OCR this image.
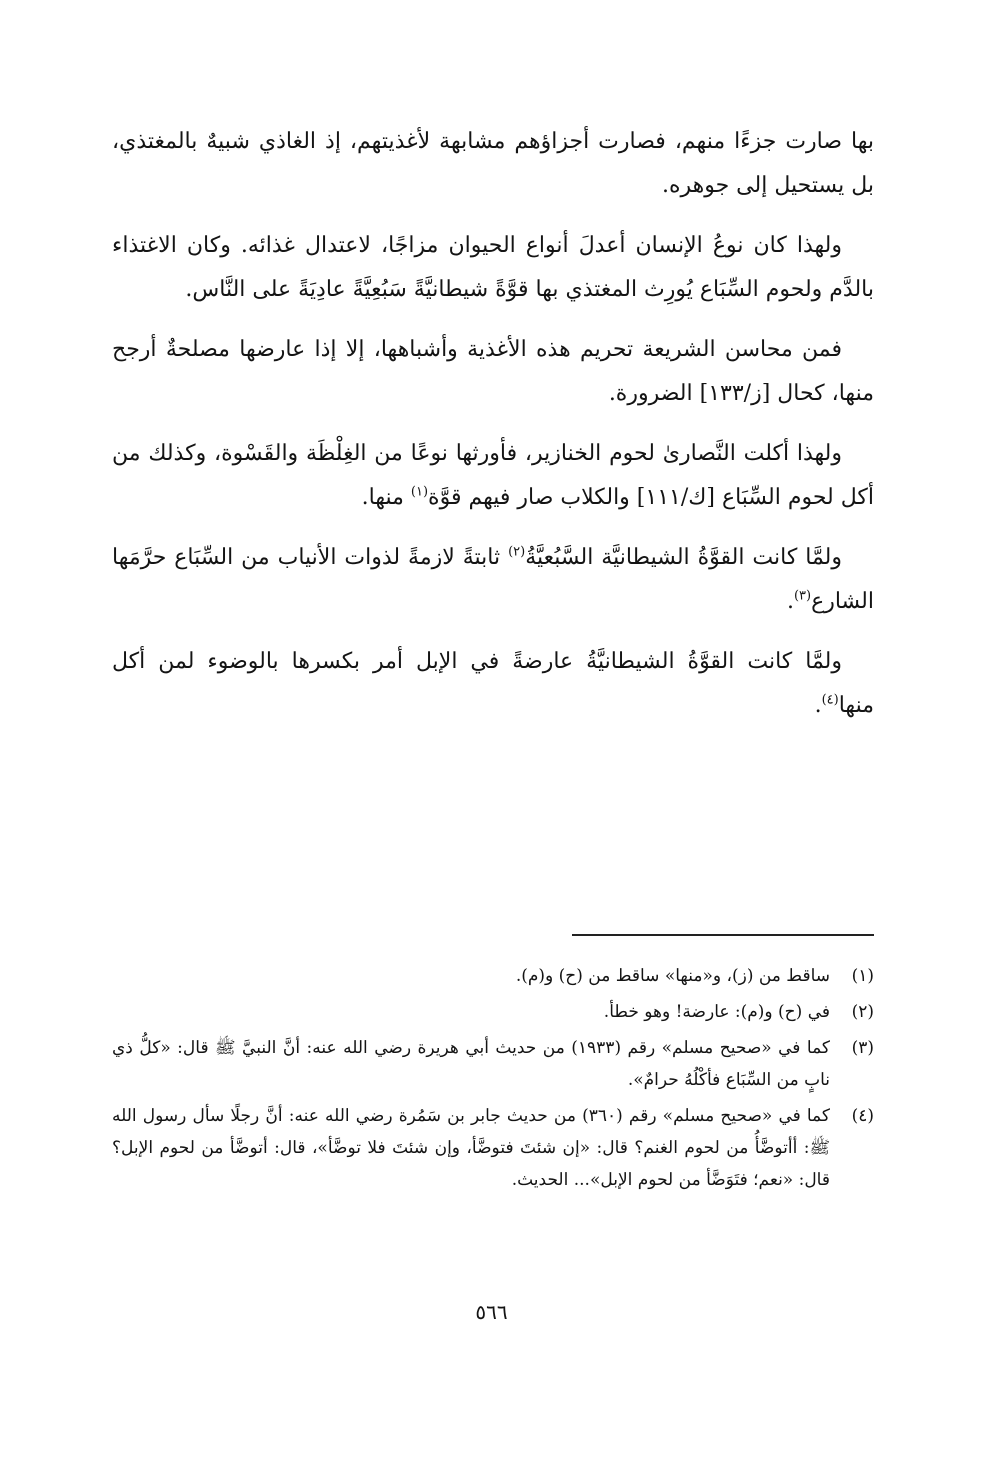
بها صارت جزءًا منهم، فصارت أجزاؤهم مشابهة لأغذيتهم، إذ الغاذي شبيهٌ بالمغتذي، بل يستحيل إلى جوهره.

ولهذا كان نوعُ الإنسان أعدلَ أنواع الحيوان مزاجًا، لاعتدال غذائه. وكان الاغتذاء بالدَّم ولحوم السِّبَاع يُورِث المغتذي بها قوَّةً شيطانيَّةً سَبُعِيَّةً عادِيَةً على النَّاس.

فمن محاسن الشريعة تحريم هذه الأغذية وأشباهها، إلا إذا عارضها مصلحةٌ أرجح منها، كحال [ز/١٣٣] الضرورة.

ولهذا أكلت النَّصارىٰ لحوم الخنازير، فأورثها نوعًا من الغِلْظَة والقَسْوة، وكذلك من أكل لحوم السِّبَاع [ك/١١١] والكلاب صار فيهم قوَّة$^{(١)}$ منها.

ولمَّا كانت القوَّةُ الشيطانيَّة السَّبُعيَّةُ$^{(٢)}$ ثابتةً لازمةً لذوات الأنياب من السِّبَاع حرَّمَها الشارع$^{(٣)}$.

ولمَّا كانت القوَّةُ الشيطانيَّةُ عارضةً في الإبل أمر بكسرها بالوضوء لمن أكل منها$^{(٤)}$.

(١)
ساقط من (ز)، و«منها» ساقط من (ح) و(م).
(٢)
في (ح) و(م): عارضة! وهو خطأ.
(٣)
كما في «صحيح مسلم» رقم (١٩٣٣) من حديث أبي هريرة رضي الله عنه: أنَّ النبيَّ ﷺ قال: «كلُّ ذي نابٍ من السِّبَاع فأكْلُهُ حرامٌ».
(٤)
كما في «صحيح مسلم» رقم (٣٦٠) من حديث جابر بن سَمُرة رضي الله عنه: أنَّ رجلًا سأل رسول الله ﷺ: أأتوضَّأُ من لحوم الغنم؟ قال: «إن شئتَ فتوضَّأ، وإن شئتَ فلا توضَّأ»، قال: أتوضَّأ من لحوم الإبل؟ قال: «نعم؛ فتَوَضَّأ من لحوم الإبل»... الحديث.
٥٦٦
